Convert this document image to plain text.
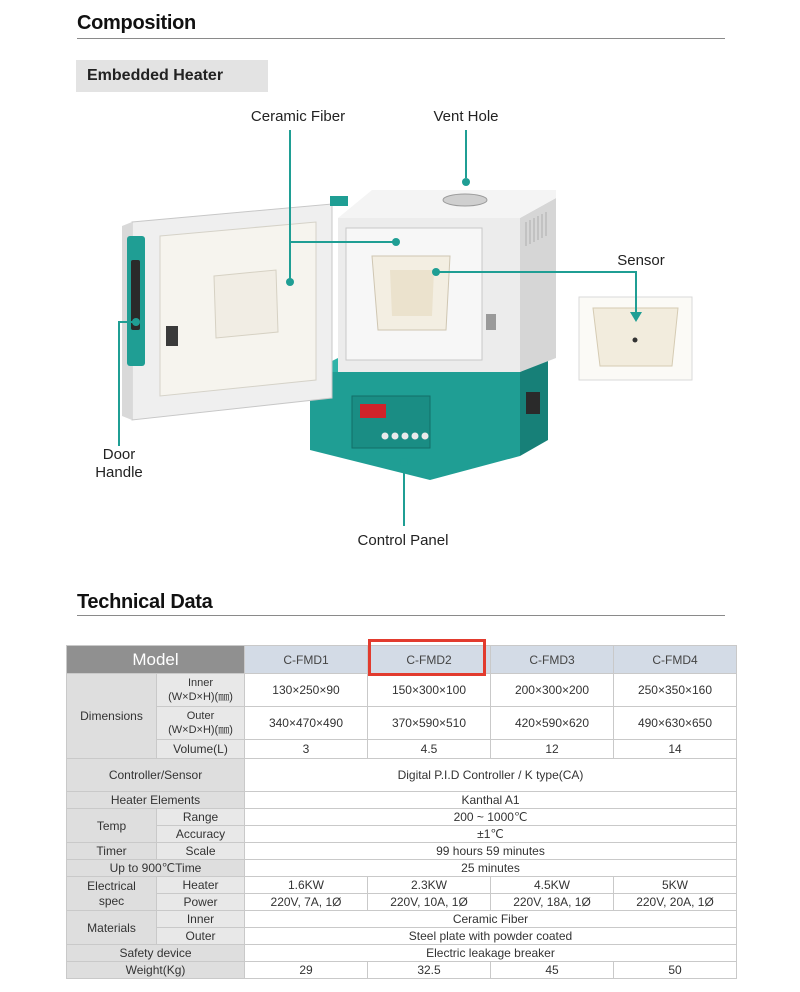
Composition
Embedded Heater
Ceramic Fiber	Vent Hole
Sensor
Door
Handle
Control Panel
Technical Data
Model		C-FMD1	C-FMD2	C-FMD3	C-FMD4
Dimensions	Inner
(W×D×H)(㎜)	130×250×90	150×300×100	200×300×200	250×350×160
	Outer
(W×D×H)(㎜)	340×470×490	370×590×510	420×590×620	490×630×650
	Volume(L)	3	4.5	12	14
Controller/Sensor		Digital P.I.D Controller / K type(CA)			
Heater Elements		Kanthal A1			
Temp	Range	200 ~ 1000℃			
	Accuracy	±1℃			
Timer	Scale	99 hours 59 minutes			
Up to 900℃Time		25 minutes			
Electrical
spec	Heater	1.6KW	2.3KW	4.5KW	5KW
	Power	220V, 7A, 1Ø	220V, 10A, 1Ø	220V, 18A, 1Ø	220V, 20A, 1Ø
Materials	Inner	Ceramic Fiber			
	Outer	Steel plate with powder coated			
Safety device		Electric leakage breaker			
Weight(Kg)		29	32.5	45	50
